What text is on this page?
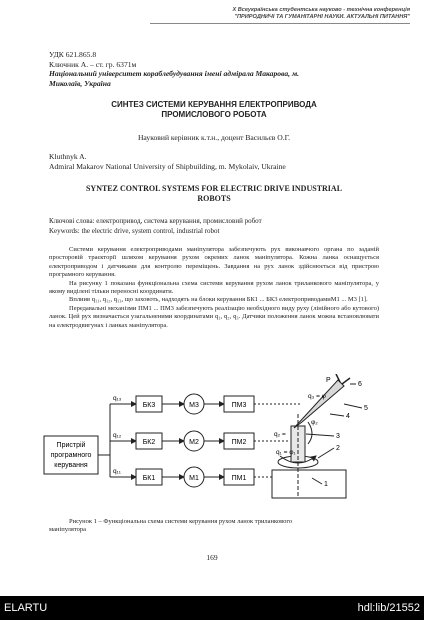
X Всеукраїнська студентська науково - технічна конференція
"ПРИРОДНИЧІ ТА ГУМАНІТАРНІ НАУКИ. АКТУАЛЬНІ ПИТАННЯ"

УДК 621.865.8

Ключник А. – ст. гр. 6371м

Національний університет кораблебудування імені адмірала Макарова, м.

Миколаїв, Україна

СИНТЕЗ СИСТЕМИ КЕРУВАННЯ ЕЛЕКТРОПРИВОДА

ПРОМИСЛОВОГО РОБОТА

Науковий керівник к.т.н., доцент Васильєв О.Г.

Kluthnyk A.

Admiral Makarov National University of Shipbuilding, m. Mykolaiv, Ukraine

SYNTEZ CONTROL SYSTEMS FOR ELECTRIC DRIVE INDUSTRIAL

ROBOTS

Ключові слова: електропривод, система керування, промисловий робот

Keywords: the electric drive, system control, industrial robot

Системи керування електроприводами маніпулятора забезпечують рух виконавчого органа по заданій просторовій траєкторії шляхом керування рухом окремих ланок маніпулятора. Кожна ланка оснащується електроприводом і датчиками для контролю переміщень. Завдання на рух ланок здійснюється від пристрою програмного керування.

На рисунку 1 показана функціональна схема системи керування рухом ланок триланкового маніпулятора, у якому виділені тільки переносні координати.

Вплиив q₁₁, q₁₂, q₁₃, що заховоть, надходять на блоки керування БК1 ... БК3 електроприводамиМ1 ... М3 [1].

Передавальні механізми ПМ1 ... ПМ3 забезпечують реалізацію необхідного виду руху (лінійного або кутового) ланок. Цей рух визначається узагальненими координатами q₁, q₂, q₃. Датчики положення ланок можна встановлювати на електродвигунах і ланках маніпулятора.

Пристрій
програмного
керування
q₁₃
БК3	М3	ПМ3
q₁₂
БК2	М2	ПМ2
q₁₁
БК1	М1	ПМ1
P
q₃ = φ
φ₂
q₁ = φ₁
q₂ =
6
5
4
3
2
1

Рисунок 1 – Функціональна схема системи керування рухом ланок триланкового

маніпулятора

169
ELARTU	hdl:lib/21552
